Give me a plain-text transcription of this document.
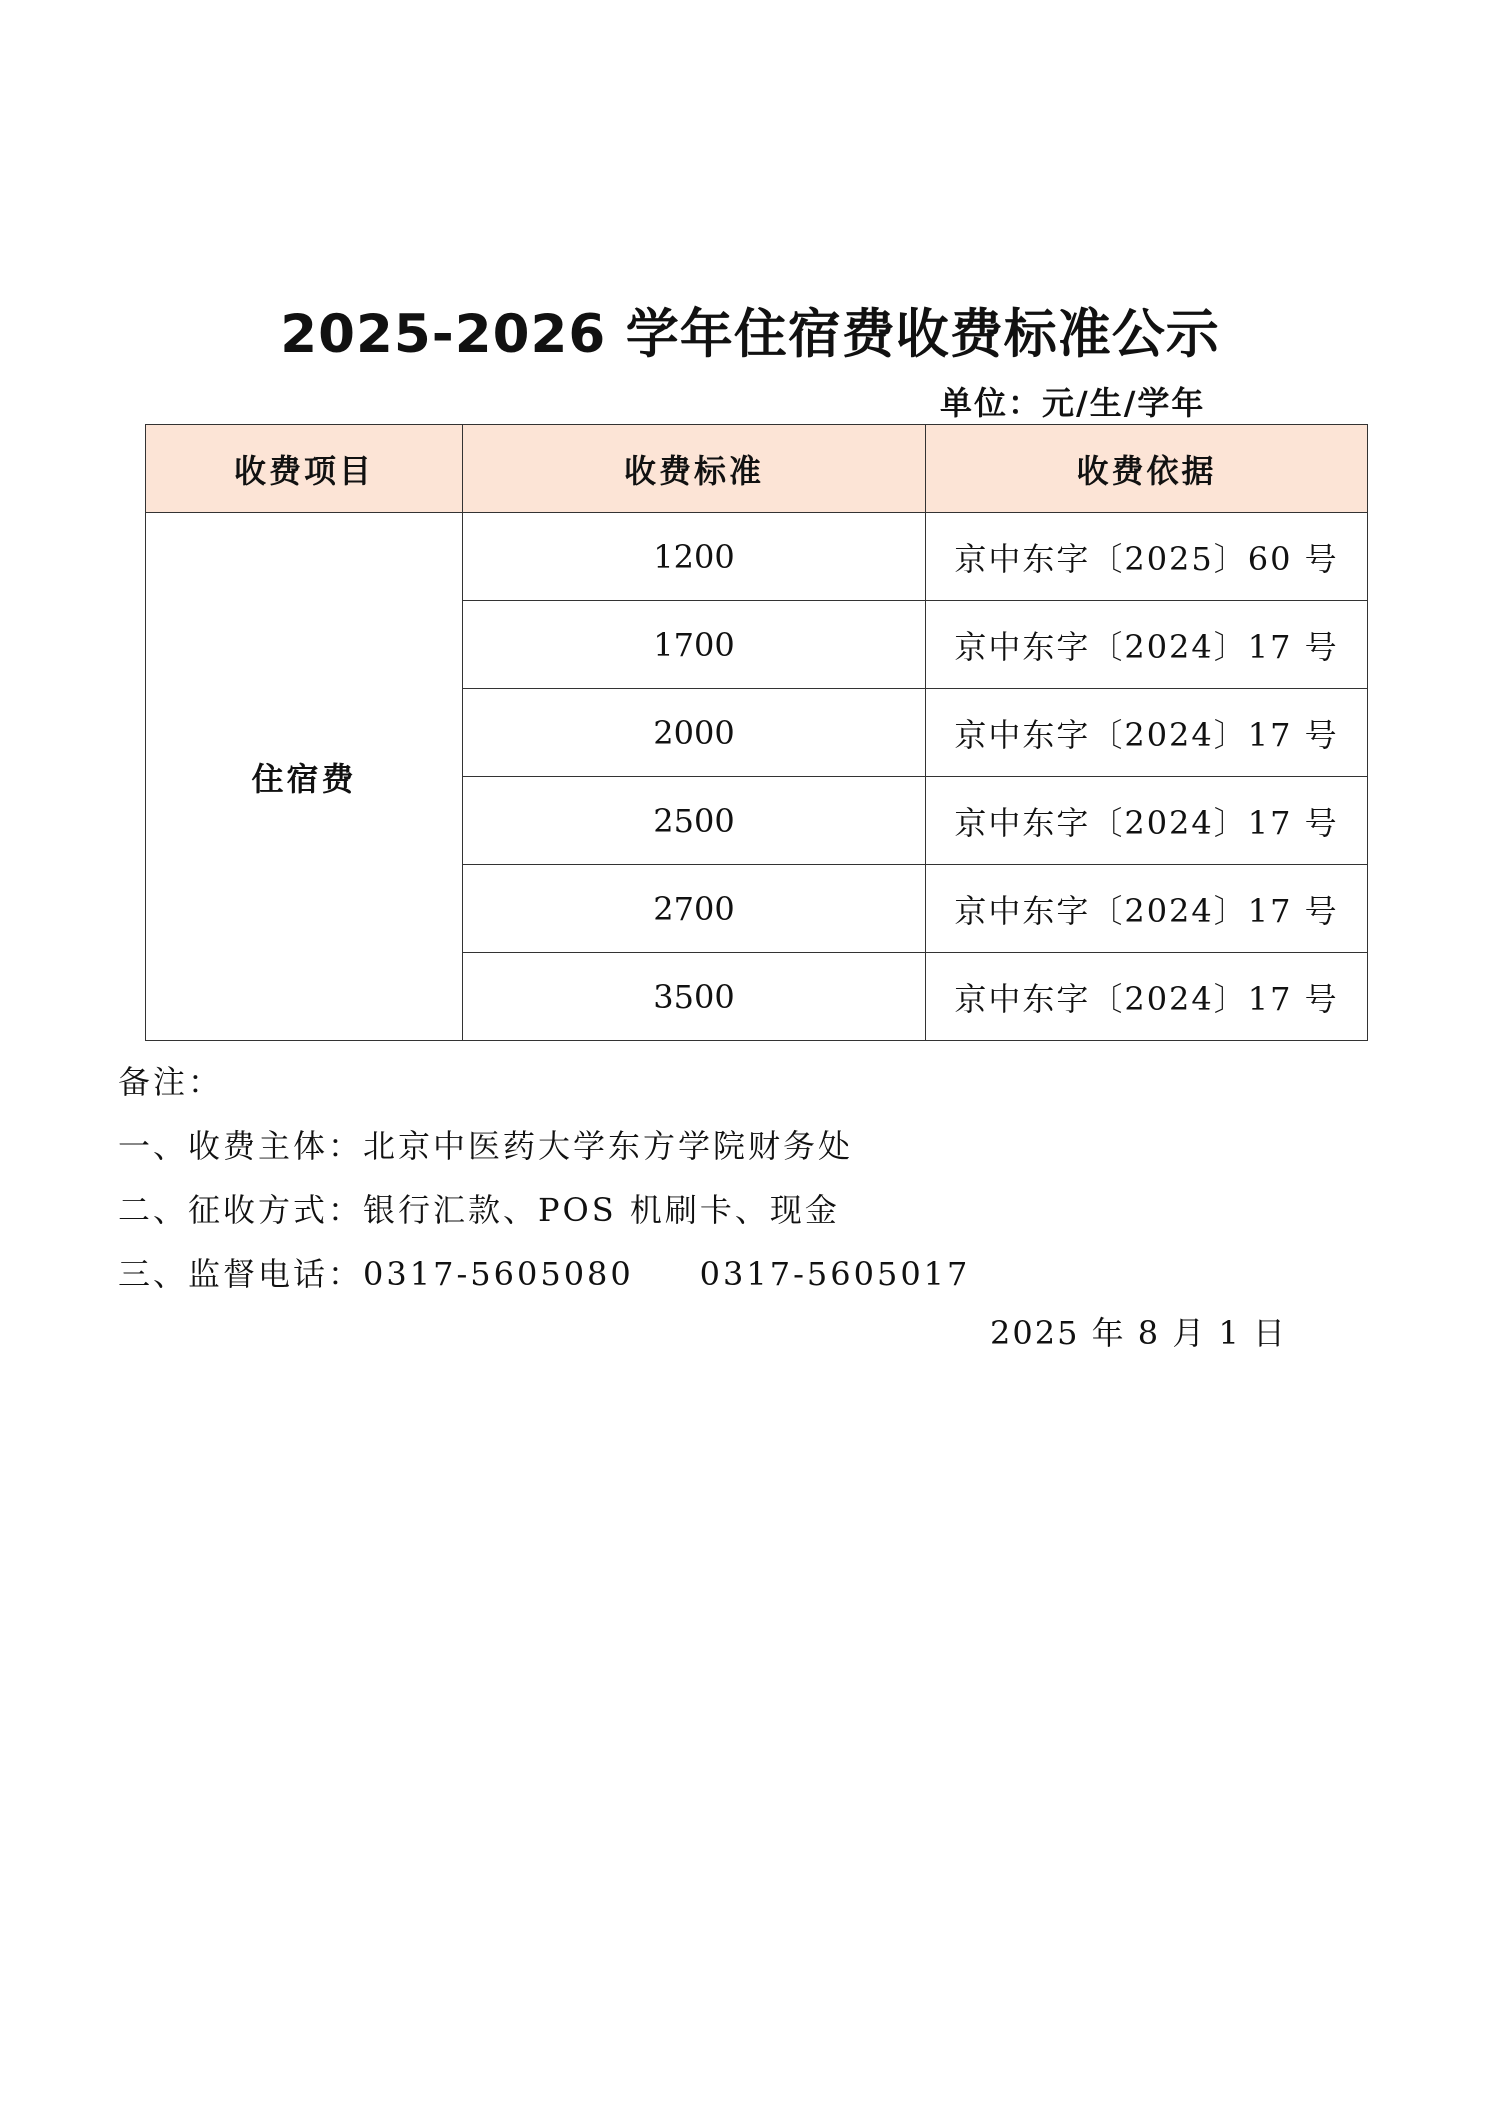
2025-2026 学年住宿费收费标准公示
单位：元/生/学年
收费项目	收费标准	收费依据
住宿费	1200	京中东字〔2025〕60 号
	1700	京中东字〔2024〕17 号
	2000	京中东字〔2024〕17 号
	2500	京中东字〔2024〕17 号
	2700	京中东字〔2024〕17 号
	3500	京中东字〔2024〕17 号
备注：
一、收费主体：北京中医药大学东方学院财务处
二、征收方式：银行汇款、POS 机刷卡、现金
三、监督电话：0317-5605080     0317-5605017
2025 年 8 月 1 日
